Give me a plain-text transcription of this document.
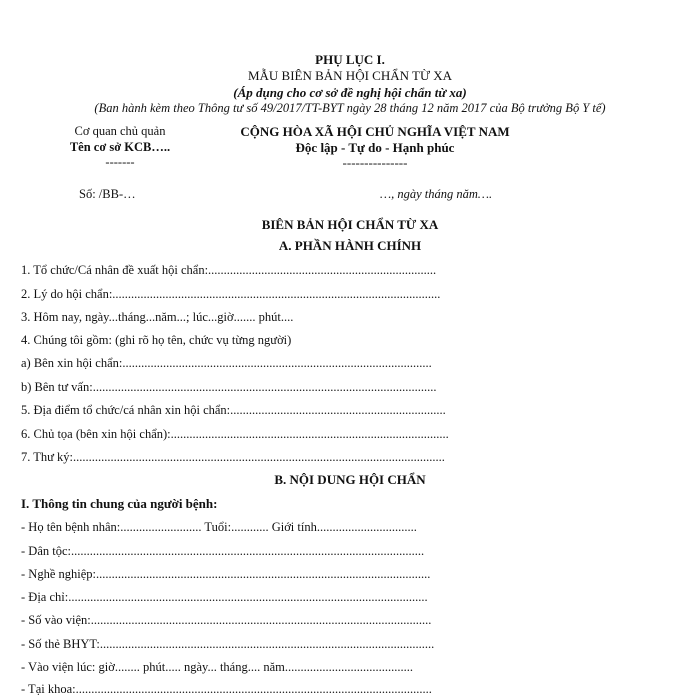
PHỤ LỤC I.
MẪU BIÊN BẢN HỘI CHẨN TỪ XA
(Áp dụng cho cơ sở đề nghị hội chẩn từ xa)
(Ban hành kèm theo Thông tư số 49/2017/TT-BYT ngày 28 tháng 12 năm 2017 của Bộ trưởng Bộ Y tế)
Cơ quan chủ quản
Tên cơ sở KCB…..
-------
CỘNG HÒA XÃ HỘI CHỦ NGHĨA VIỆT NAM
Độc lập - Tự do - Hạnh phúc
---------------
Số: /BB-…	…, ngày tháng năm….
BIÊN BẢN HỘI CHẨN TỪ XA
A. PHẦN HÀNH CHÍNH
1. Tổ chức/Cá nhân đề xuất hội chẩn:.........................................................................
2. Lý do hội chẩn:.........................................................................................................
3. Hôm nay, ngày...tháng...năm...; lúc...giờ....... phút....
4. Chúng tôi gồm: (ghi rõ họ tên, chức vụ từng người)
a) Bên xin hội chẩn:...................................................................................................
b) Bên tư vấn:..............................................................................................................
5. Địa điểm tổ chức/cá nhân xin hội chẩn:.....................................................................
6. Chủ tọa (bên xin hội chẩn):.........................................................................................
7. Thư ký:.......................................................................................................................
B. NỘI DUNG HỘI CHẨN
I. Thông tin chung của người bệnh:
- Họ tên bệnh nhân:.......................... Tuổi:............ Giới tính................................
- Dân tộc:.................................................................................................................
- Nghề nghiệp:...........................................................................................................
- Địa chỉ:...................................................................................................................
- Số vào viện:.............................................................................................................
- Số thẻ BHYT:...........................................................................................................
- Vào viện lúc: giờ........ phút..... ngày... tháng.... năm.........................................
- Tại khoa:..................................................................................................................
